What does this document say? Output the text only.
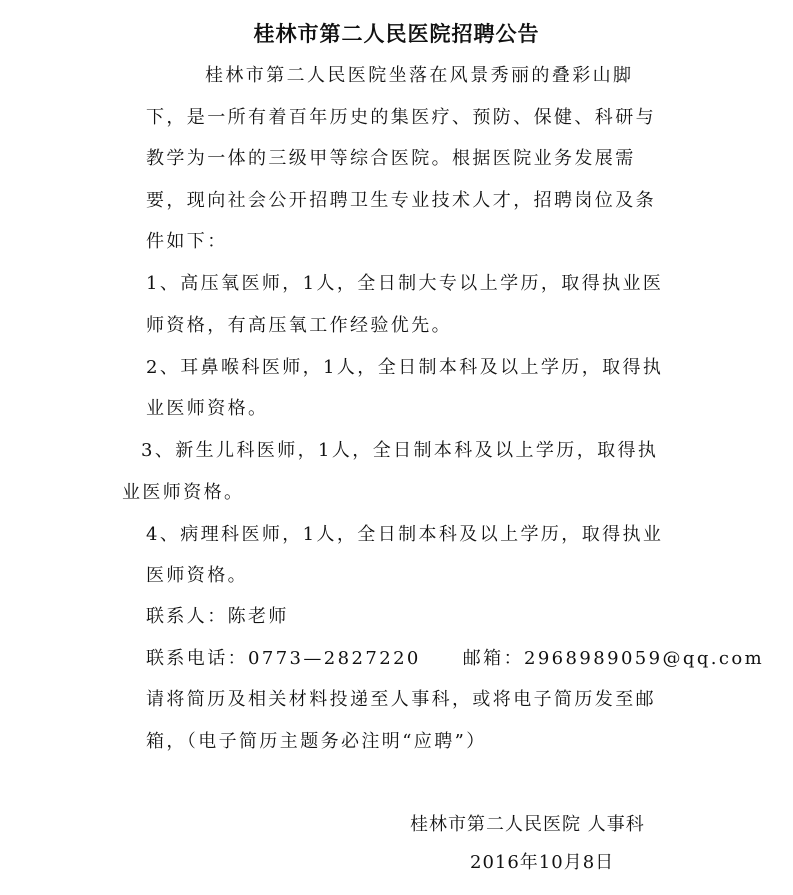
桂林市第二人民医院招聘公告
桂林市第二人民医院坐落在风景秀丽的叠彩山脚
下，是一所有着百年历史的集医疗、预防、保健、科研与
教学为一体的三级甲等综合医院。根据医院业务发展需
要，现向社会公开招聘卫生专业技术人才，招聘岗位及条
件如下：
1、高压氧医师，1人，全日制大专以上学历，取得执业医
师资格，有高压氧工作经验优先。
2、耳鼻喉科医师，1人，全日制本科及以上学历，取得执
业医师资格。
3、新生儿科医师，1人，全日制本科及以上学历，取得执
业医师资格。
4、病理科医师，1人，全日制本科及以上学历，取得执业
医师资格。
联系人：陈老师
联系电话：0773—2827220 邮箱：2968989059@qq.com
请将简历及相关材料投递至人事科，或将电子简历发至邮
箱，（电子简历主题务必注明“应聘”）
桂林市第二人民医院 人事科
2016年10月8日
